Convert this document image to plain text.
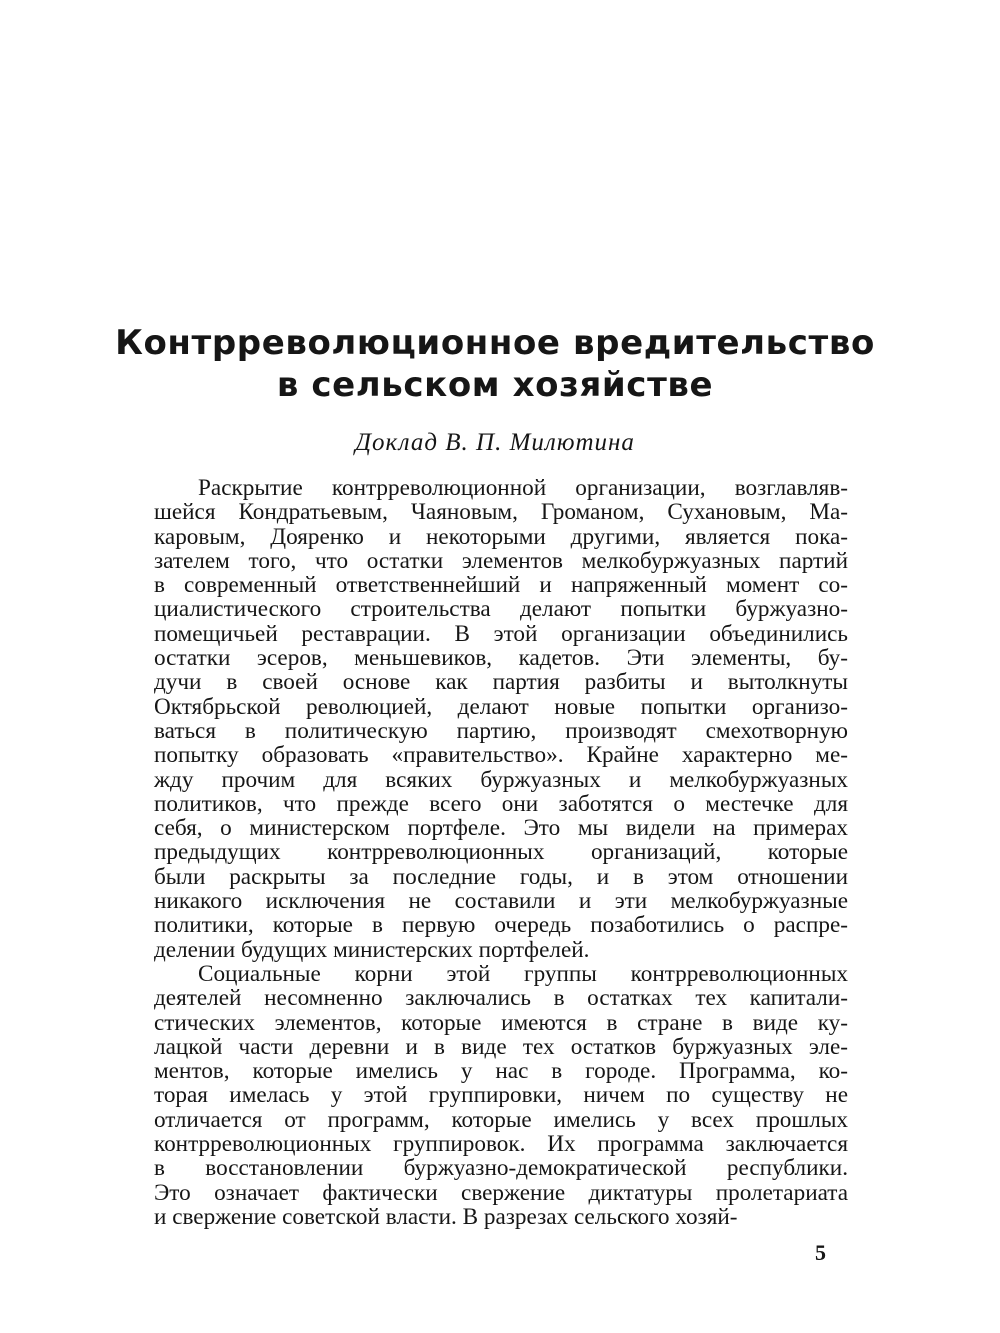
Контрреволюционное вредительство
в сельском хозяйстве
Доклад В. П. Милютина
Раскрытие контрреволюционной организации, возглавляв-
шейся Кондратьевым, Чаяновым, Громаном, Сухановым, Ма-
каровым, Дояренко и некоторыми другими, является пока-
зателем того, что остатки элементов мелкобуржуазных партий
в современный ответственнейший и напряженный момент со-
циалистического строительства делают попытки буржуазно-
помещичьей реставрации. В этой организации объединились
остатки эсеров, меньшевиков, кадетов. Эти элементы, бу-
дучи в своей основе как партия разбиты и вытолкнуты
Октябрьской революцией, делают новые попытки организо-
ваться в политическую партию, производят смехотворную
попытку образовать «правительство». Крайне характерно ме-
жду прочим для всяких буржуазных и мелкобуржуазных
политиков, что прежде всего они заботятся о местечке для
себя, о министерском портфеле. Это мы видели на примерах
предыдущих контрреволюционных организаций, которые
были раскрыты за последние годы, и в этом отношении
никакого исключения не составили и эти мелкобуржуазные
политики, которые в первую очередь позаботились о распре-
делении будущих министерских портфелей.
Социальные корни этой группы контрреволюционных
деятелей несомненно заключались в остатках тех капитали-
стических элементов, которые имеются в стране в виде ку-
лацкой части деревни и в виде тех остатков буржуазных эле-
ментов, которые имелись у нас в городе. Программа, ко-
торая имелась у этой группировки, ничем по существу не
отличается от программ, которые имелись у всех прошлых
контрреволюционных группировок. Их программа заключается
в восстановлении буржуазно-демократической республики.
Это означает фактически свержение диктатуры пролетариата
и свержение советской власти. В разрезах сельского хозяй-
5
